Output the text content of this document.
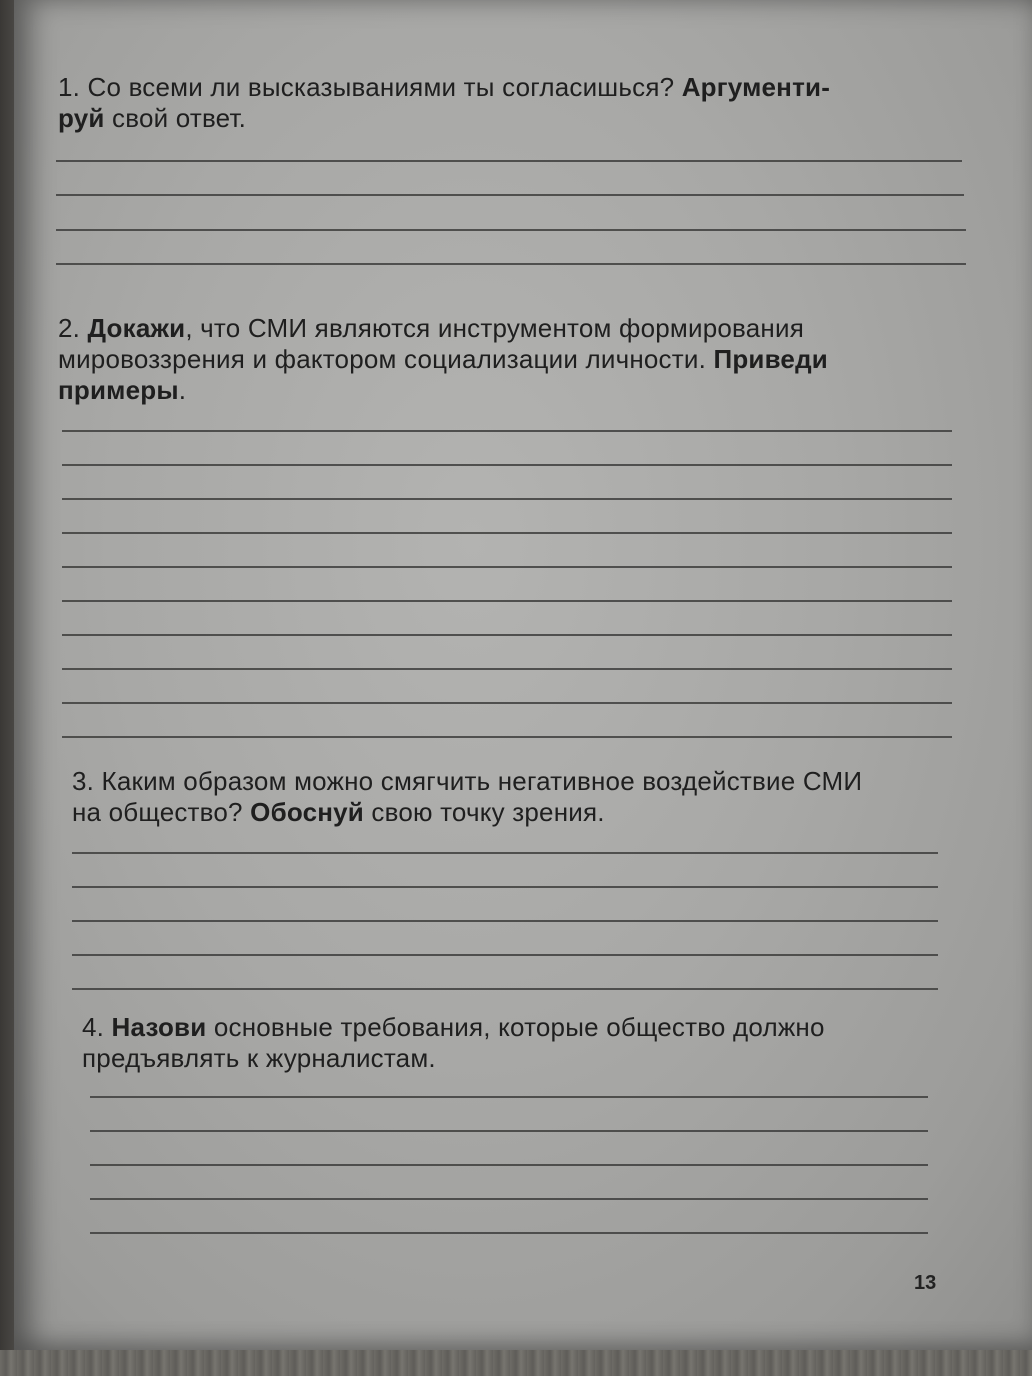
1. Со всеми ли высказываниями ты согласишься? Аргументи-
руй свой ответ.
2. Докажи, что СМИ являются инструментом формирования
мировоззрения и фактором социализации личности. Приведи
примеры.
3. Каким образом можно смягчить негативное воздействие СМИ
на общество? Обоснуй свою точку зрения.
4. Назови основные требования, которые общество должно
предъявлять к журналистам.
13
